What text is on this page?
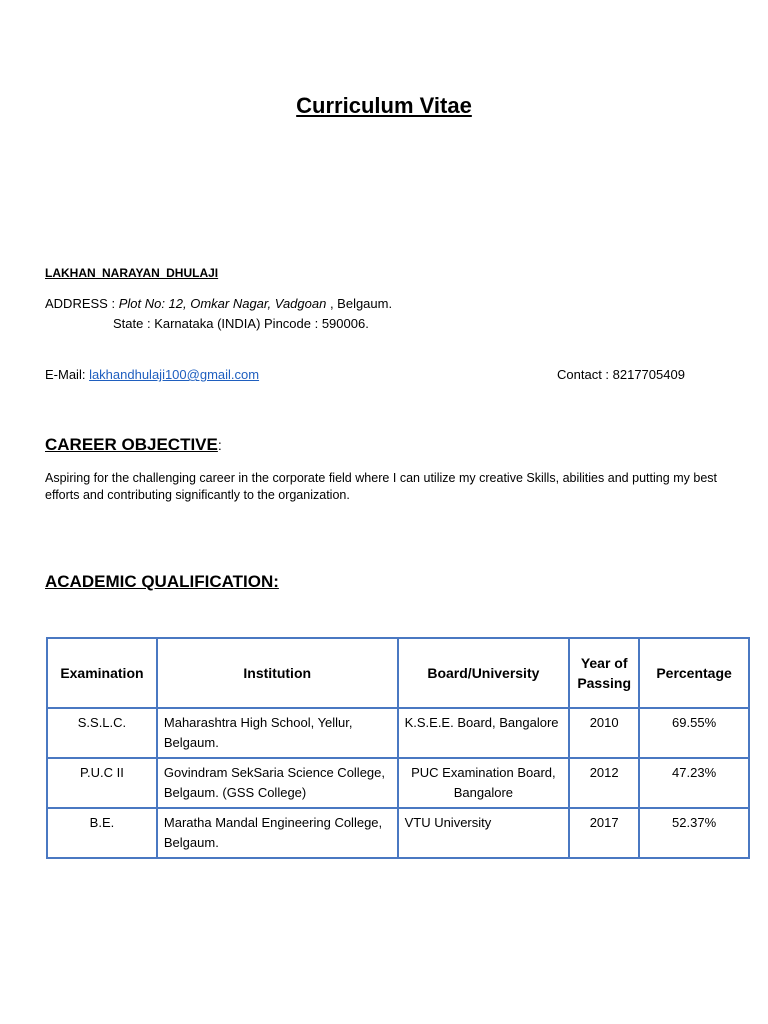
Curriculum Vitae
LAKHAN NARAYAN DHULAJI
ADDRESS : Plot No: 12, Omkar Nagar, Vadgoan , Belgaum.
State : Karnataka (INDIA) Pincode : 590006.
E-Mail: lakhandhulaji100@gmail.com	Contact : 8217705409
CAREER OBJECTIVE:

Aspiring for the challenging career in the corporate field where I can utilize my creative Skills, abilities and putting my best efforts and contributing significantly to the organization.

ACADEMIC QUALIFICATION:
Examination	Institution	Board/University	Year of Passing	Percentage
S.S.L.C.	Maharashtra High School, Yellur, Belgaum.	K.S.E.E. Board, Bangalore	2010	69.55%
P.U.C II	Govindram SekSaria Science College, Belgaum. (GSS College)	PUC Examination Board, Bangalore	2012	47.23%
B.E.	Maratha Mandal Engineering College, Belgaum.	VTU University	2017	52.37%
